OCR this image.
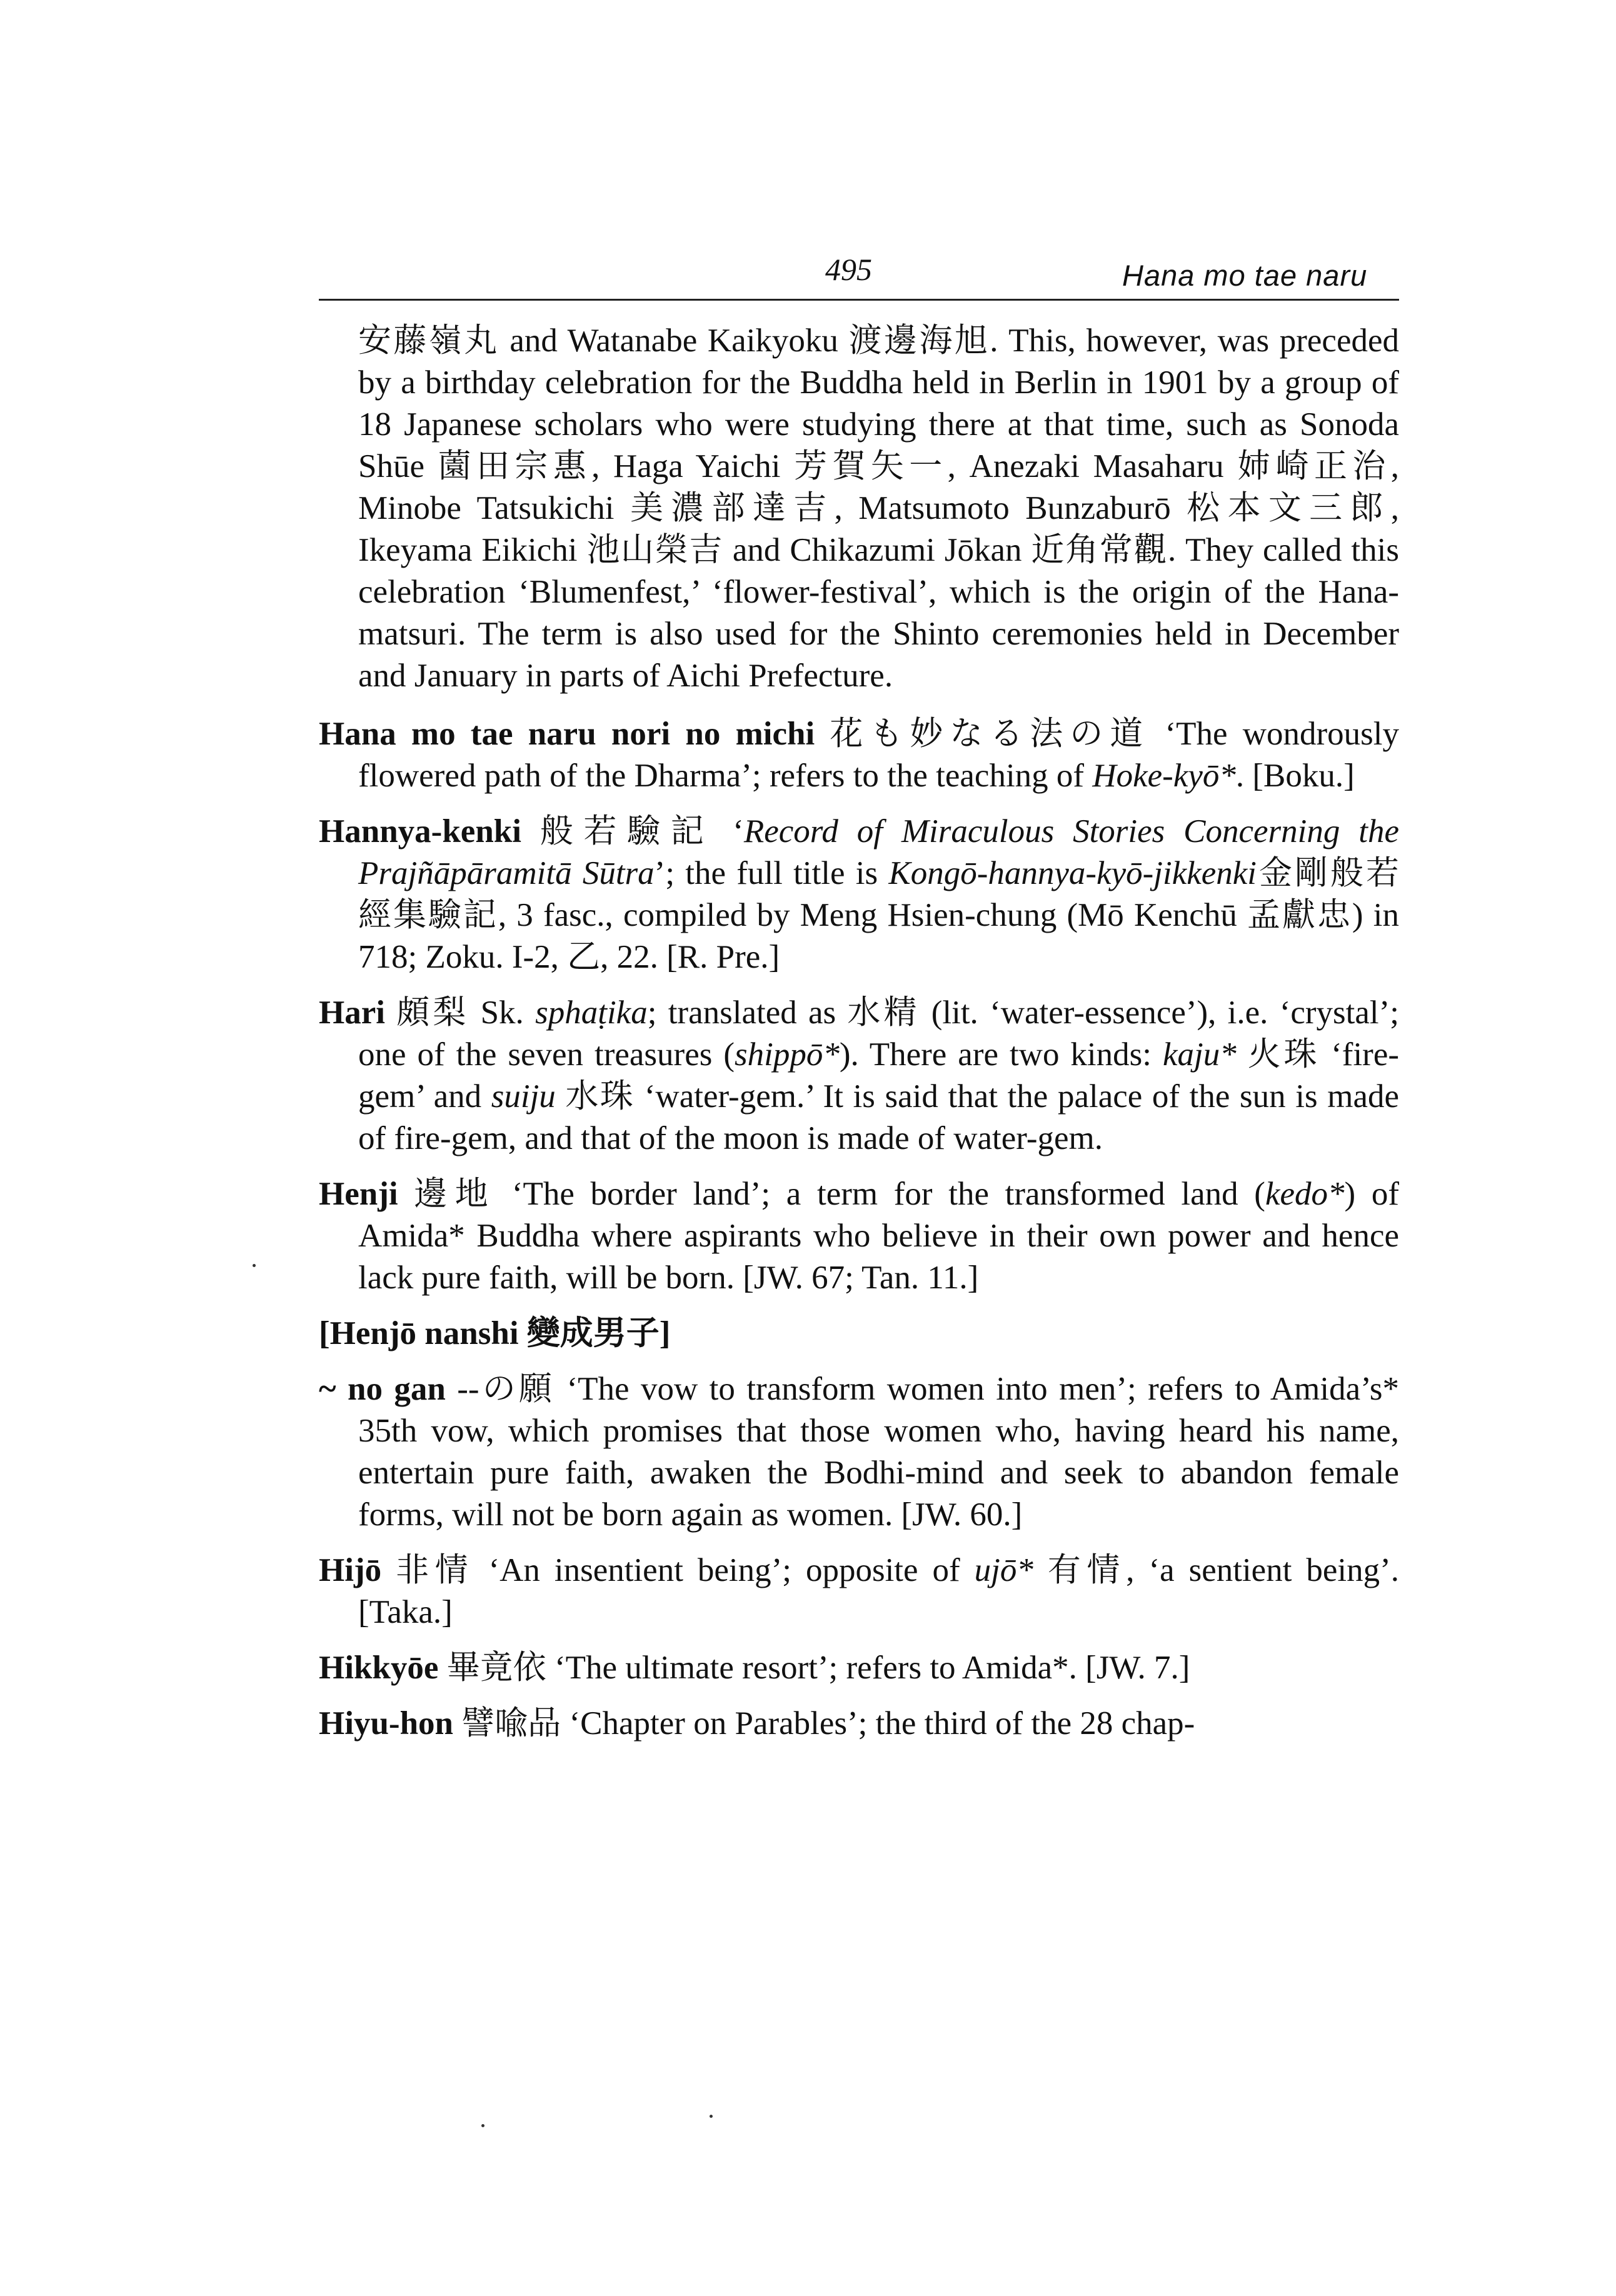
495	Hana mo tae naru

安藤嶺丸 and Watanabe Kaikyoku 渡邊海旭. This, however, was preceded by a birthday celebration for the Buddha held in Berlin in 1901 by a group of 18 Japanese scholars who were studying there at that time, such as Sonoda Shūe 薗田宗惠, Haga Yaichi 芳賀矢一, Anezaki Masaharu 姉崎正治, Minobe Tatsukichi 美濃部達吉, Matsumoto Bunzaburō 松本文三郎, Ikeyama Eikichi 池山榮吉 and Chikazumi Jōkan 近角常觀. They called this celebration ‘Blumenfest,’ ‘flower-festival’, which is the origin of the Hana-matsuri. The term is also used for the Shinto ceremonies held in December and January in parts of Aichi Prefecture.

Hana mo tae naru nori no michi 花も妙なる法の道 ‘The wondrously flowered path of the Dharma’; refers to the teaching of Hoke-kyō*. [Boku.]

Hannya-kenki 般若驗記 ‘Record of Miraculous Stories Concerning the Prajñāpāramitā Sūtra’; the full title is Kongō-hannya-kyō-jikkenki金剛般若經集驗記, 3 fasc., compiled by Meng Hsien-chung (Mō Kenchū 孟獻忠) in 718; Zoku. I-2, 乙, 22. [R. Pre.]

Hari 頗梨 Sk. sphaṭika; translated as 水精 (lit. ‘water-essence’), i.e. ‘crystal’; one of the seven treasures (shippō*). There are two kinds: kaju* 火珠 ‘fire-gem’ and suiju 水珠 ‘water-gem.’ It is said that the palace of the sun is made of fire-gem, and that of the moon is made of water-gem.

Henji 邊地 ‘The border land’; a term for the transformed land (kedo*) of Amida* Buddha where aspirants who believe in their own power and hence lack pure faith, will be born. [JW. 67; Tan. 11.]

[Henjō nanshi 變成男子]

~ no gan --の願 ‘The vow to transform women into men’; refers to Amida’s* 35th vow, which promises that those women who, having heard his name, entertain pure faith, awaken the Bodhi-mind and seek to abandon female forms, will not be born again as women. [JW. 60.]

Hijō 非情 ‘An insentient being’; opposite of ujō* 有情, ‘a sentient being’. [Taka.]

Hikkyōe 畢竟依 ‘The ultimate resort’; refers to Amida*. [JW. 7.]

Hiyu-hon 譬喩品 ‘Chapter on Parables’; the third of the 28 chap-
